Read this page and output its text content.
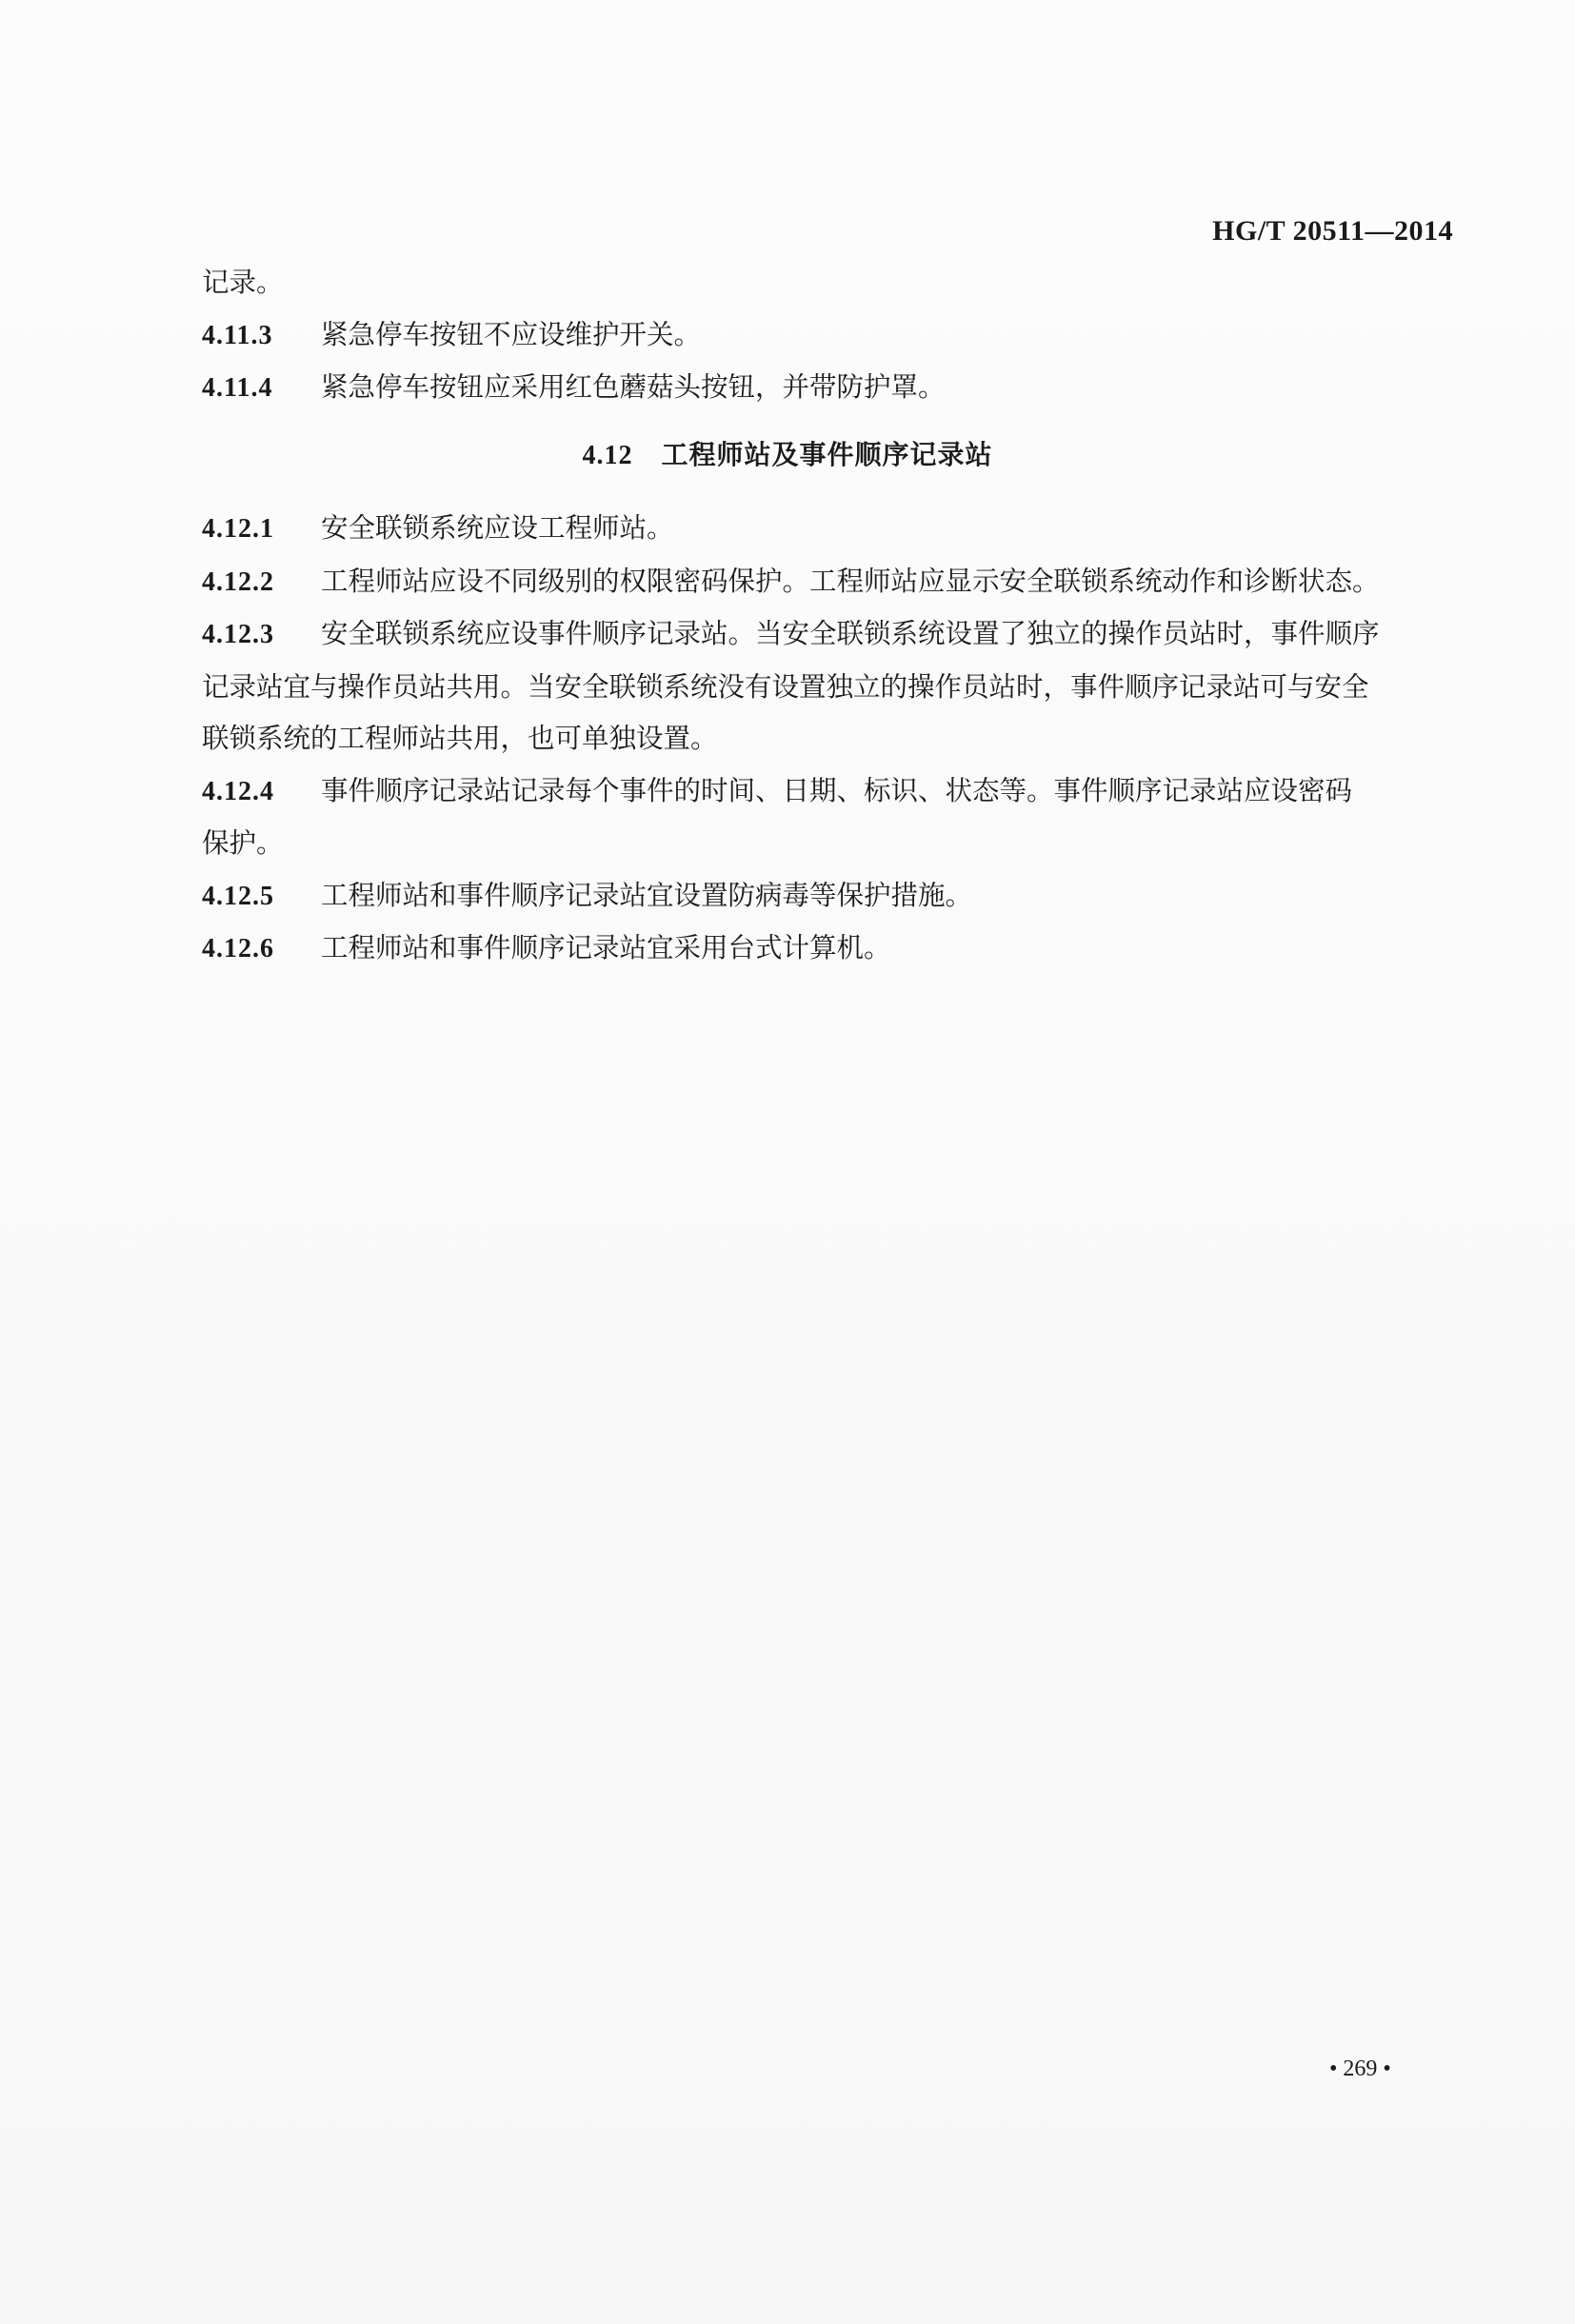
HG/T 20511—2014
记录。
4.11.3 紧急停车按钮不应设维护开关。
4.11.4 紧急停车按钮应采用红色蘑菇头按钮，并带防护罩。
4.12 工程师站及事件顺序记录站
4.12.1 安全联锁系统应设工程师站。
4.12.2 工程师站应设不同级别的权限密码保护。工程师站应显示安全联锁系统动作和诊断状态。
4.12.3 安全联锁系统应设事件顺序记录站。当安全联锁系统设置了独立的操作员站时，事件顺序
记录站宜与操作员站共用。当安全联锁系统没有设置独立的操作员站时，事件顺序记录站可与安全
联锁系统的工程师站共用，也可单独设置。
4.12.4 事件顺序记录站记录每个事件的时间、日期、标识、状态等。事件顺序记录站应设密码
保护。
4.12.5 工程师站和事件顺序记录站宜设置防病毒等保护措施。
4.12.6 工程师站和事件顺序记录站宜采用台式计算机。
• 269 •
